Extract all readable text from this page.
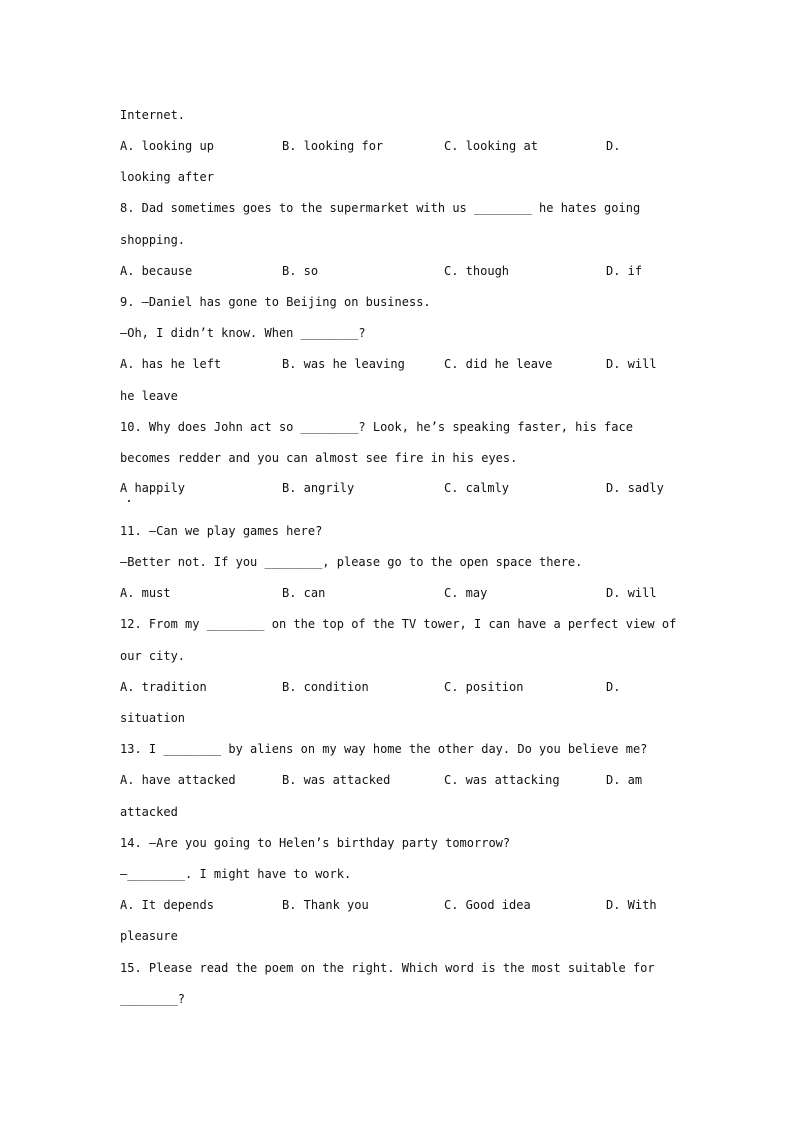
Internet.
A. looking up	B. looking for	C. looking at	D.
looking after
8. Dad sometimes goes to the supermarket with us ________ he hates going
shopping.
A. because	B. so	C. though	D. if
9. —Daniel has gone to Beijing on business.
—Oh, I didn’t know. When ________?
A. has he left	B. was he leaving	C. did he leave	D. will
he leave
10. Why does John act so ________? Look, he’s speaking faster, his face
becomes redder and you can almost see fire in his eyes.
A happily	B. angrily	C. calmly	D. sadly
11. —Can we play games here?
—Better not. If you ________, please go to the open space there.
A. must	B. can	C. may	D. will
12. From my ________ on the top of the TV tower, I can have a perfect view of
our city.
A. tradition	B. condition	C. position	D.
situation
13. I ________ by aliens on my way home the other day. Do you believe me?
A. have attacked	B. was attacked	C. was attacking	D. am
attacked
14. —Are you going to Helen’s birthday party tomorrow?
—________. I might have to work.
A. It depends	B. Thank you	C. Good idea	D. With
pleasure
15. Please read the poem on the right. Which word is the most suitable for
________?
